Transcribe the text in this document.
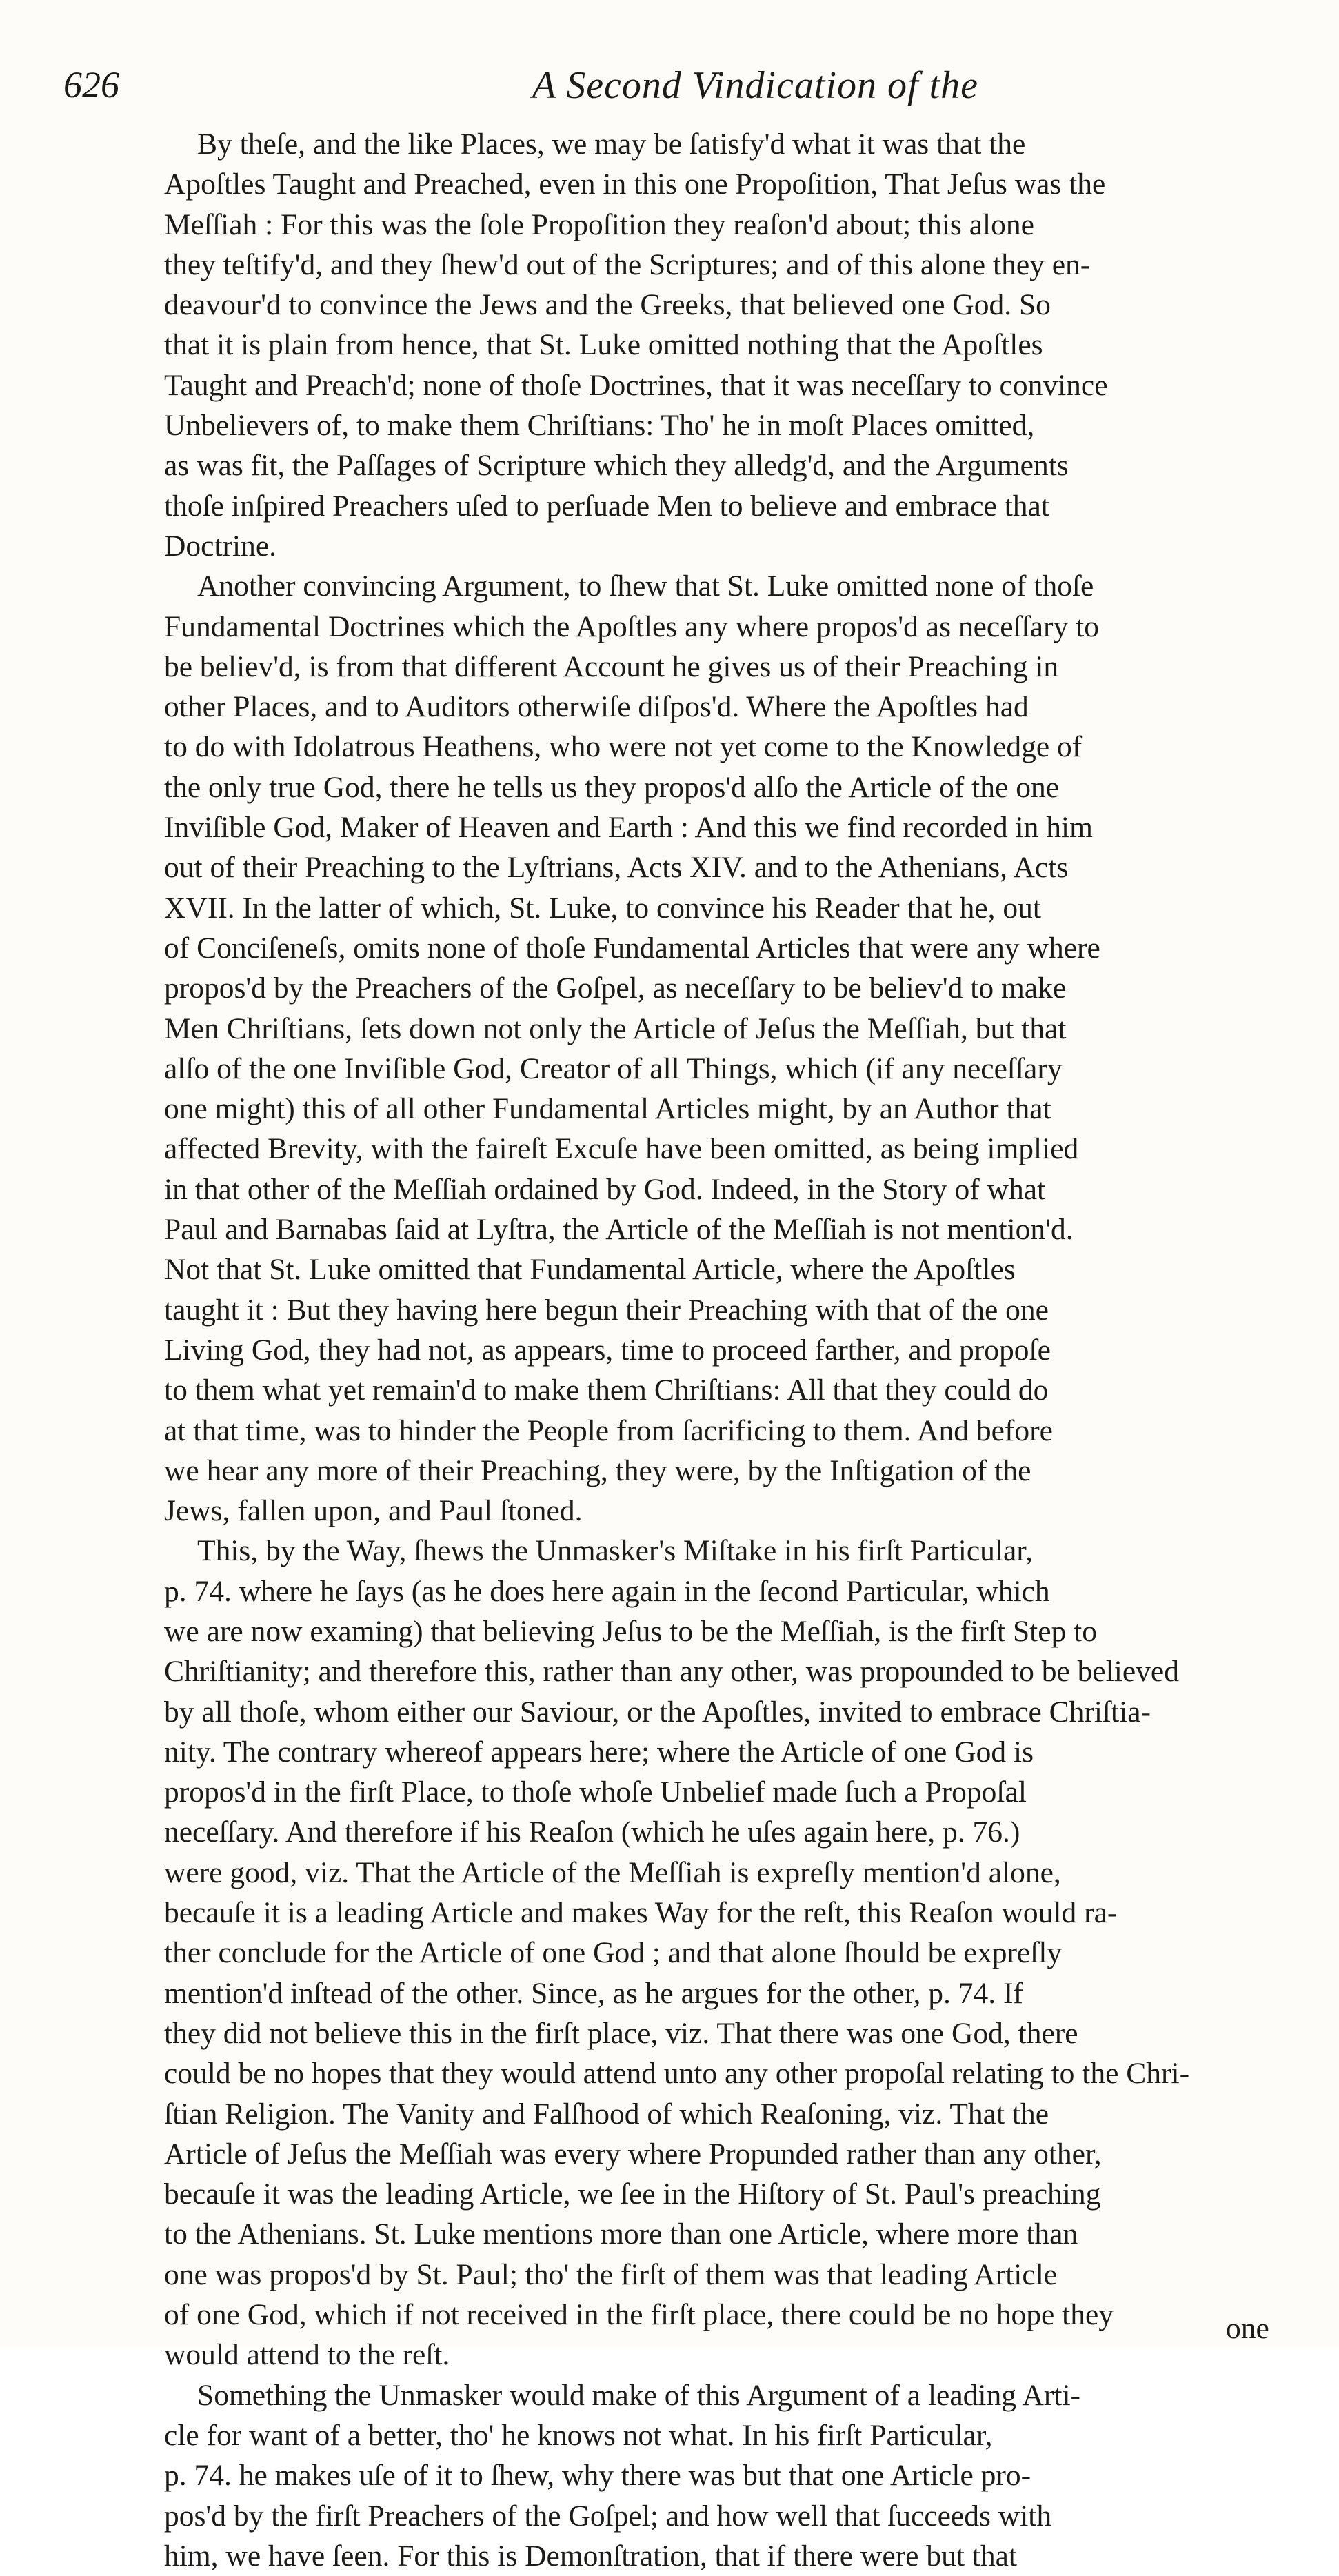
626	A Second Vindication of the
By theſe, and the like Places, we may be ſatisfy'd what it was that the
Apoſtles Taught and Preached, even in this one Propoſition, That Jeſus was the
Meſſiah : For this was the ſole Propoſition they reaſon'd about; this alone
they teſtify'd, and they ſhew'd out of the Scriptures; and of this alone they en-
deavour'd to convince the Jews and the Greeks, that believed one God. So
that it is plain from hence, that St. Luke omitted nothing that the Apoſtles
Taught and Preach'd; none of thoſe Doctrines, that it was neceſſary to convince
Unbelievers of, to make them Chriſtians: Tho' he in moſt Places omitted,
as was fit, the Paſſages of Scripture which they alledg'd, and the Arguments
thoſe inſpired Preachers uſed to perſuade Men to believe and embrace that
Doctrine.
Another convincing Argument, to ſhew that St. Luke omitted none of thoſe
Fundamental Doctrines which the Apoſtles any where propos'd as neceſſary to
be believ'd, is from that different Account he gives us of their Preaching in
other Places, and to Auditors otherwiſe diſpos'd. Where the Apoſtles had
to do with Idolatrous Heathens, who were not yet come to the Knowledge of
the only true God, there he tells us they propos'd alſo the Article of the one
Inviſible God, Maker of Heaven and Earth : And this we find recorded in him
out of their Preaching to the Lyſtrians, Acts XIV. and to the Athenians, Acts
XVII. In the latter of which, St. Luke, to convince his Reader that he, out
of Conciſeneſs, omits none of thoſe Fundamental Articles that were any where
propos'd by the Preachers of the Goſpel, as neceſſary to be believ'd to make
Men Chriſtians, ſets down not only the Article of Jeſus the Meſſiah, but that
alſo of the one Inviſible God, Creator of all Things, which (if any neceſſary
one might) this of all other Fundamental Articles might, by an Author that
affected Brevity, with the faireſt Excuſe have been omitted, as being implied
in that other of the Meſſiah ordained by God. Indeed, in the Story of what
Paul and Barnabas ſaid at Lyſtra, the Article of the Meſſiah is not mention'd.
Not that St. Luke omitted that Fundamental Article, where the Apoſtles
taught it : But they having here begun their Preaching with that of the one
Living God, they had not, as appears, time to proceed farther, and propoſe
to them what yet remain'd to make them Chriſtians: All that they could do
at that time, was to hinder the People from ſacrificing to them. And before
we hear any more of their Preaching, they were, by the Inſtigation of the
Jews, fallen upon, and Paul ſtoned.
This, by the Way, ſhews the Unmasker's Miſtake in his firſt Particular,
p. 74. where he ſays (as he does here again in the ſecond Particular, which
we are now examing) that believing Jeſus to be the Meſſiah, is the firſt Step to
Chriſtianity; and therefore this, rather than any other, was propounded to be believed
by all thoſe, whom either our Saviour, or the Apoſtles, invited to embrace Chriſtia-
nity. The contrary whereof appears here; where the Article of one God is
propos'd in the firſt Place, to thoſe whoſe Unbelief made ſuch a Propoſal
neceſſary. And therefore if his Reaſon (which he uſes again here, p. 76.)
were good, viz. That the Article of the Meſſiah is expreſly mention'd alone,
becauſe it is a leading Article and makes Way for the reſt, this Reaſon would ra-
ther conclude for the Article of one God ; and that alone ſhould be expreſly
mention'd inſtead of the other. Since, as he argues for the other, p. 74. If
they did not believe this in the firſt place, viz. That there was one God, there
could be no hopes that they would attend unto any other propoſal relating to the Chri-
ſtian Religion. The Vanity and Falſhood of which Reaſoning, viz. That the
Article of Jeſus the Meſſiah was every where Propunded rather than any other,
becauſe it was the leading Article, we ſee in the Hiſtory of St. Paul's preaching
to the Athenians. St. Luke mentions more than one Article, where more than
one was propos'd by St. Paul; tho' the firſt of them was that leading Article
of one God, which if not received in the firſt place, there could be no hope they
would attend to the reſt.
Something the Unmasker would make of this Argument of a leading Arti-
cle for want of a better, tho' he knows not what. In his firſt Particular,
p. 74. he makes uſe of it to ſhew, why there was but that one Article pro-
pos'd by the firſt Preachers of the Goſpel; and how well that ſucceeds with
him, we have ſeen. For this is Demonſtration, that if there were but that
one
